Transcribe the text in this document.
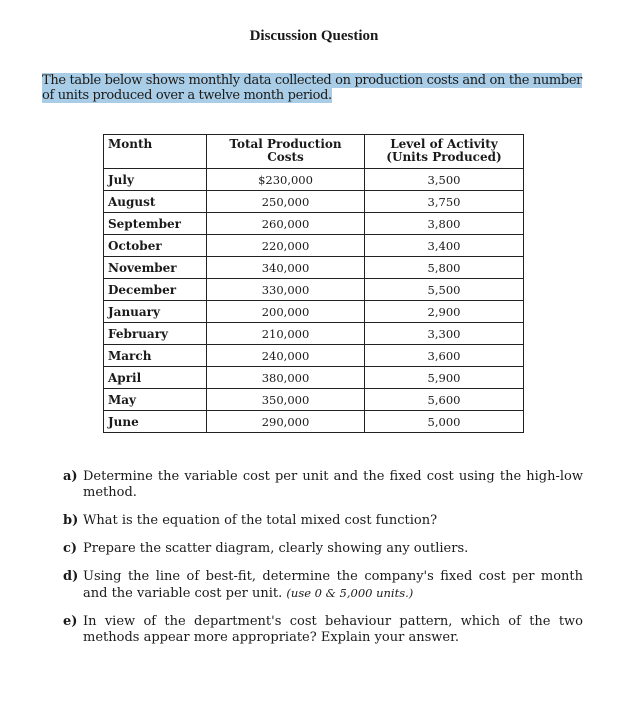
Discussion Question
The table below shows monthly data collected on production costs and on the number of units produced over a twelve month period.
Month	Total Production Costs	Level of Activity (Units Produced)
July	$230,000	3,500
August	250,000	3,750
September	260,000	3,800
October	220,000	3,400
November	340,000	5,800
December	330,000	5,500
January	200,000	2,900
February	210,000	3,300
March	240,000	3,600
April	380,000	5,900
May	350,000	5,600
June	290,000	5,000
a) Determine the variable cost per unit and the fixed cost using the high-low method.
b) What is the equation of the total mixed cost function?
c) Prepare the scatter diagram, clearly showing any outliers.
d) Using the line of best-fit, determine the company's fixed cost per month and the variable cost per unit. (use 0 & 5,000 units.)
e) In view of the department's cost behaviour pattern, which of the two methods appear more appropriate? Explain your answer.
